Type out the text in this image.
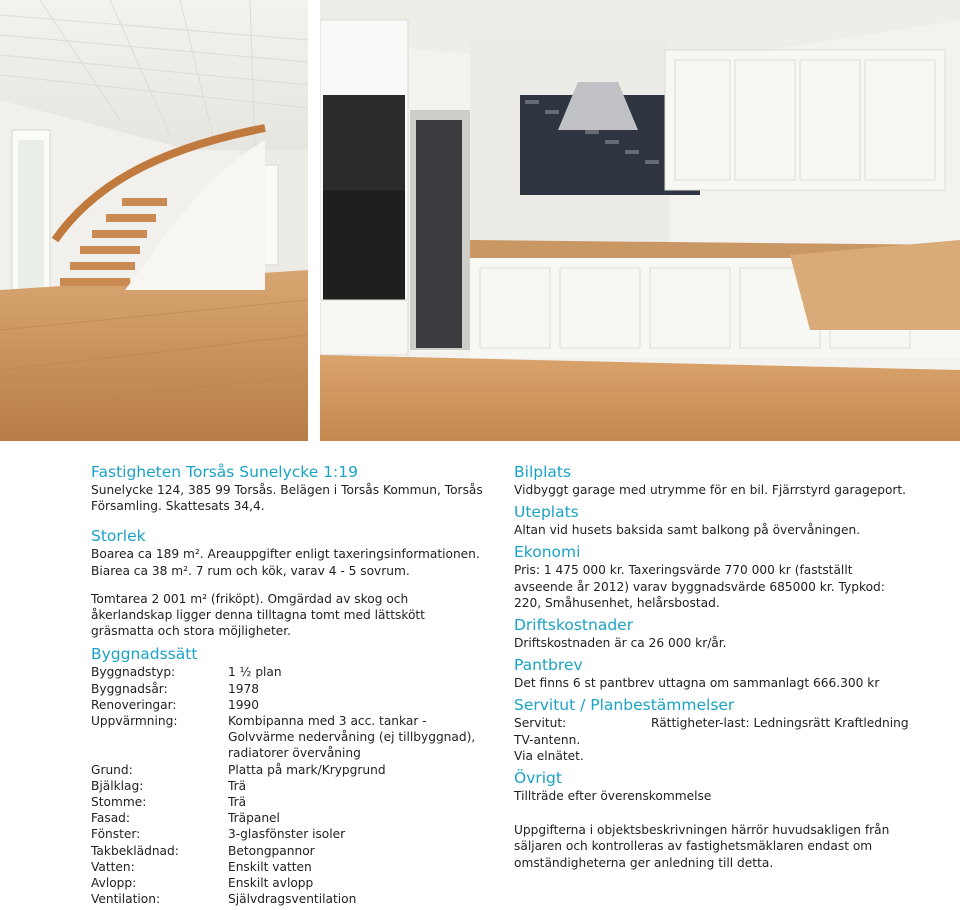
Fastigheten Torsås Sunelycke 1:19

Sunelycke 124, 385 99 Torsås. Belägen i Torsås Kommun, Torsås Församling. Skattesats 34,4.

Storlek

Boarea ca 189 m². Areauppgifter enligt taxeringsinformationen.

Biarea ca 38 m². 7 rum och kök, varav 4 - 5 sovrum.

Tomtarea 2 001 m² (friköpt). Omgärdad av skog och åkerlandskap ligger denna tilltagna tomt med lättskött gräsmatta och stora möjligheter.

Byggnadssätt
Byggnadstyp:	1 ½ plan
Byggnadsår:	1978
Renoveringar:	1990
Uppvärmning:	Kombipanna med 3 acc. tankar - Golvvärme nedervåning (ej tillbyggnad), radiatorer övervåning
Grund:	Platta på mark/Krypgrund
Bjälklag:	Trä
Stomme:	Trä
Fasad:	Träpanel
Fönster:	3-glasfönster isoler
Takbeklädnad:	Betongpannor
Vatten:	Enskilt vatten
Avlopp:	Enskilt avlopp
Ventilation:	Självdragsventilation
Bilplats

Vidbyggt garage med utrymme för en bil. Fjärrstyrd garageport.

Uteplats

Altan vid husets baksida samt balkong på övervåningen.

Ekonomi

Pris: 1 475 000 kr. Taxeringsvärde 770 000 kr (fastställt avseende år 2012) varav byggnadsvärde 685000 kr. Typkod: 220, Småhusenhet, helårsbostad.

Driftskostnader

Driftskostnaden är ca 26 000 kr/år.

Pantbrev

Det finns 6 st pantbrev uttagna om sammanlagt 666.300 kr

Servitut / Planbestämmelser
Servitut:	Rättigheter-last: Ledningsrätt Kraftledning

TV-antenn.

Via elnätet.

Övrigt

Tillträde efter överenskommelse

Uppgifterna i objektsbeskrivningen härrör huvudsakligen från säljaren och kontrolleras av fastighetsmäklaren endast om omständigheterna ger anledning till detta.
